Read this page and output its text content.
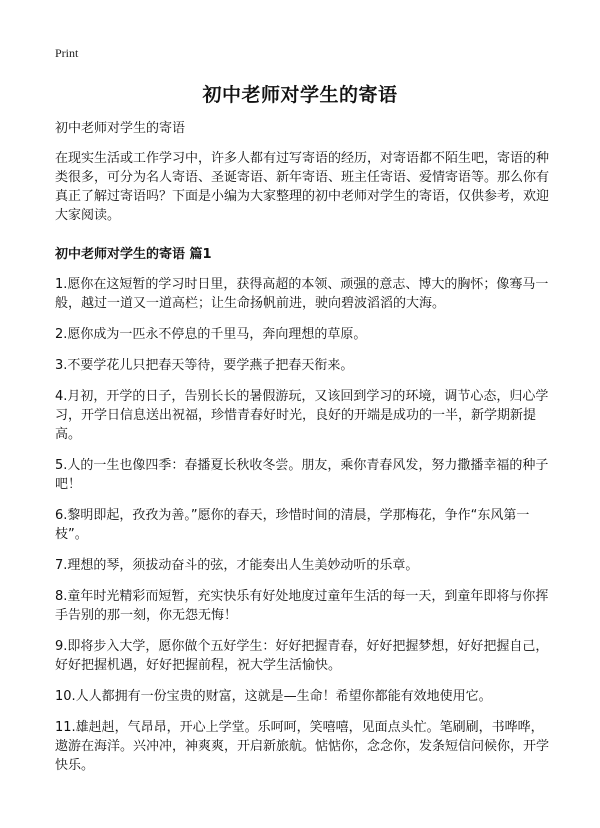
Print
初中老师对学生的寄语

初中老师对学生的寄语

在现实生活或工作学习中，许多人都有过写寄语的经历，对寄语都不陌生吧，寄语的种类很多，可分为名人寄语、圣诞寄语、新年寄语、班主任寄语、爱情寄语等。那么你有真正了解过寄语吗？下面是小编为大家整理的初中老师对学生的寄语，仅供参考，欢迎大家阅读。

初中老师对学生的寄语 篇1

1.愿你在这短暂的学习时日里，获得高超的本领、顽强的意志、博大的胸怀；像骞马一般，越过一道又一道高栏；让生命扬帆前进，驶向碧波滔滔的大海。

2.愿你成为一匹永不停息的千里马，奔向理想的草原。

3.不要学花儿只把春天等待，要学燕子把春天衔来。

4.月初，开学的日子，告别长长的暑假游玩，又该回到学习的环境，调节心态，归心学习，开学日信息送出祝福，珍惜青春好时光，良好的开端是成功的一半，新学期新提高。

5.人的一生也像四季：春播夏长秋收冬尝。朋友，乘你青春风发，努力撒播幸福的种子吧！

6.黎明即起，孜孜为善。”愿你的春天，珍惜时间的清晨，学那梅花，争作“东风第一枝”。

7.理想的琴，须拔动奋斗的弦，才能奏出人生美妙动听的乐章。

8.童年时光精彩而短暂，充实快乐有好处地度过童年生活的每一天，到童年即将与你挥手告别的那一刻，你无怨无悔！

9.即将步入大学，愿你做个五好学生：好好把握青春，好好把握梦想，好好把握自己，好好把握机遇，好好把握前程，祝大学生活愉快。

10.人人都拥有一份宝贵的财富，这就是—生命！希望你都能有效地使用它。

11.雄赳赳，气昂昂，开心上学堂。乐呵呵，笑嘻嘻，见面点头忙。笔刷刷，书哗哗，遨游在海洋。兴冲冲，神爽爽，开启新旅航。惦惦你，念念你，发条短信问候你，开学快乐。
